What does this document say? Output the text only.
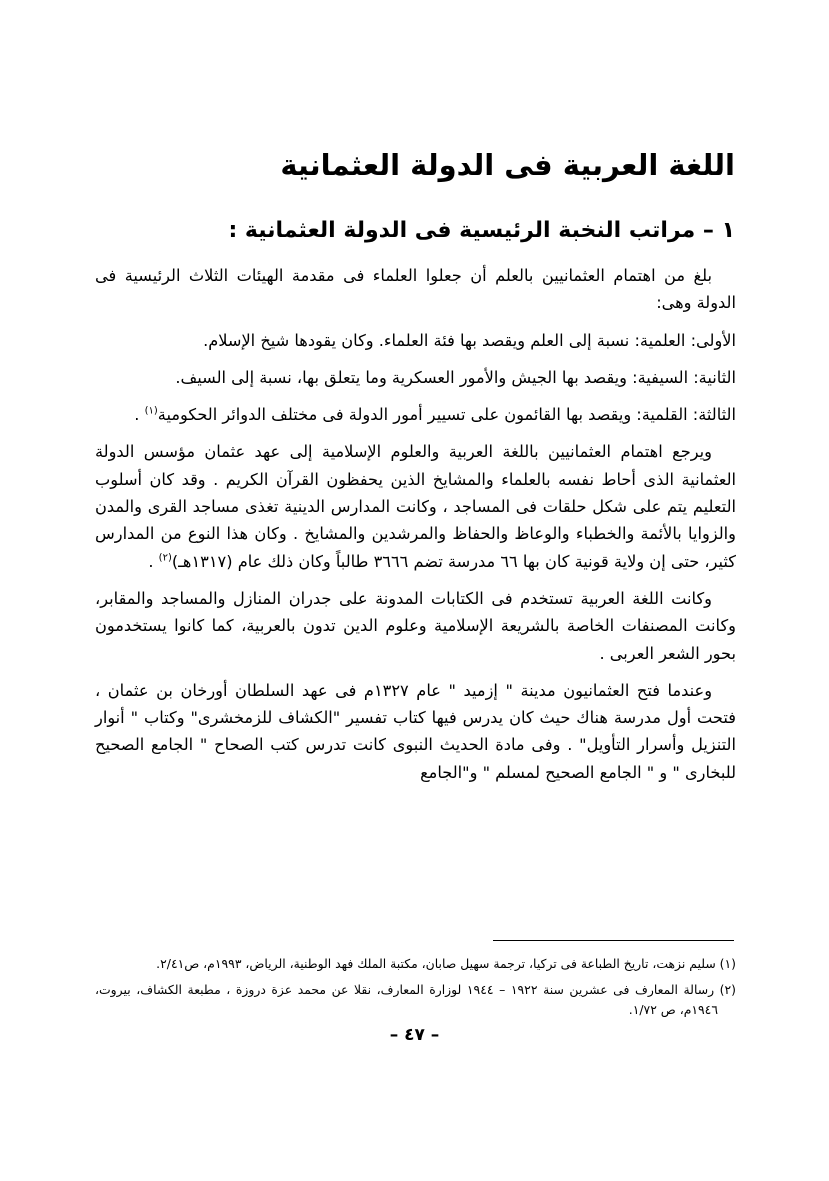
اللغة العربية فى الدولة العثمانية
١ – مراتب النخبة الرئيسية فى الدولة العثمانية :

بلغ من اهتمام العثمانيين بالعلم أن جعلوا العلماء فى مقدمة الهيئات الثلاث الرئيسية فى الدولة وهى:

الأولى: العلمية: نسبة إلى العلم ويقصد بها فئة العلماء. وكان يقودها شيخ الإسلام.

الثانية: السيفية: ويقصد بها الجيش والأمور العسكرية وما يتعلق بها، نسبة إلى السيف.

الثالثة: القلمية: ويقصد بها القائمون على تسيير أمور الدولة فى مختلف الدوائر الحكومية$^{(١)}$ .

ويرجع اهتمام العثمانيين باللغة العربية والعلوم الإسلامية إلى عهد عثمان مؤسس الدولة العثمانية الذى أحاط نفسه بالعلماء والمشايخ الذين يحفظون القرآن الكريم . وقد كان أسلوب التعليم يتم على شكل حلقات فى المساجد ، وكانت المدارس الدينية تغذى مساجد القرى والمدن والزوايا بالأئمة والخطباء والوعاظ والحفاظ والمرشدين والمشايخ . وكان هذا النوع من المدارس كثير، حتى إن ولاية قونية كان بها ٦٦ مدرسة تضم ٣٦٦٦ طالباً وكان ذلك عام (١٣١٧هـ)$^{(٢)}$ .

وكانت اللغة العربية تستخدم فى الكتابات المدونة على جدران المنازل والمساجد والمقابر، وكانت المصنفات الخاصة بالشريعة الإسلامية وعلوم الدين تدون بالعربية، كما كانوا يستخدمون بحور الشعر العربى .

وعندما فتح العثمانيون مدينة " إزميد " عام ١٣٢٧م فى عهد السلطان أورخان بن عثمان ، فتحت أول مدرسة هناك حيث كان يدرس فيها كتاب تفسير "الكشاف للزمخشرى" وكتاب " أنوار التنزيل وأسرار التأويل" . وفى مادة الحديث النبوى كانت تدرس كتب الصحاح " الجامع الصحيح للبخارى " و " الجامع الصحيح لمسلم " و"الجامع

(١) سليم نزهت، تاريخ الطباعة فى تركيا، ترجمة سهيل صابان، مكتبة الملك فهد الوطنية، الرياض، ١٩٩٣م، ص٢/٤١.

(٢) رسالة المعارف فى عشرين سنة ١٩٢٢ – ١٩٤٤ لوزارة المعارف، نقلا عن محمد عزة دروزة ، مطبعة الكشاف، بيروت، ١٩٤٦م، ص ١/٧٢.

– ٤٧ –
